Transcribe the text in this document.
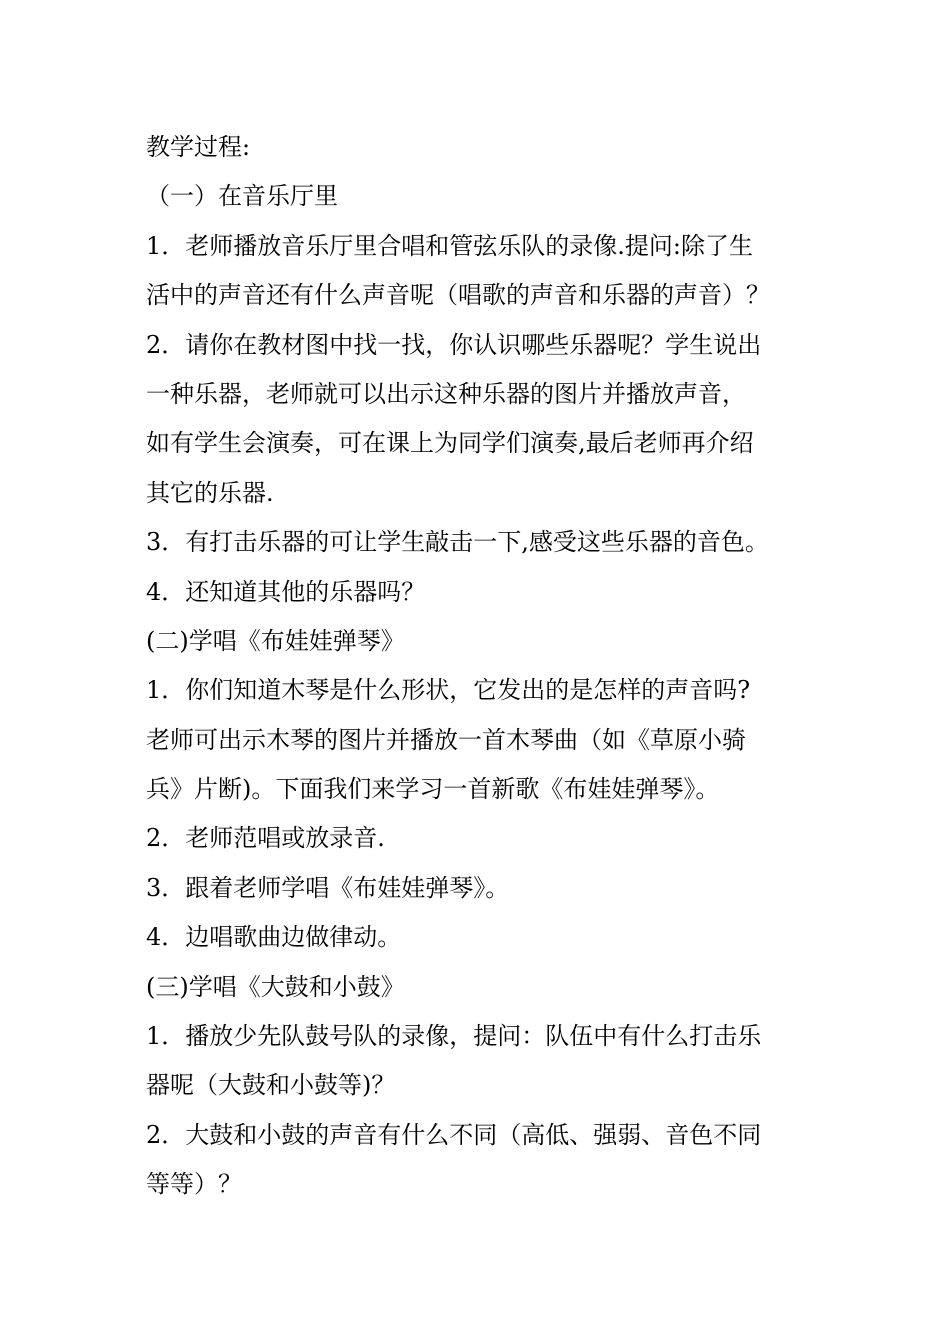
教学过程:
（一）在音乐厅里
1．老师播放音乐厅里合唱和管弦乐队的录像.提问:除了生
活中的声音还有什么声音呢（唱歌的声音和乐器的声音）？
2．请你在教材图中找一找，你认识哪些乐器呢？学生说出
一种乐器，老师就可以出示这种乐器的图片并播放声音，
如有学生会演奏，可在课上为同学们演奏,最后老师再介绍
其它的乐器.
3．有打击乐器的可让学生敲击一下,感受这些乐器的音色。
4．还知道其他的乐器吗？
(二)学唱《布娃娃弹琴》
1．你们知道木琴是什么形状，它发出的是怎样的声音吗?
老师可出示木琴的图片并播放一首木琴曲（如《草原小骑
兵》片断)。下面我们来学习一首新歌《布娃娃弹琴》。
2．老师范唱或放录音.
3．跟着老师学唱《布娃娃弹琴》。
4．边唱歌曲边做律动。
(三)学唱《大鼓和小鼓》
1．播放少先队鼓号队的录像，提问：队伍中有什么打击乐
器呢（大鼓和小鼓等)？
2．大鼓和小鼓的声音有什么不同（高低、强弱、音色不同
等等）？
